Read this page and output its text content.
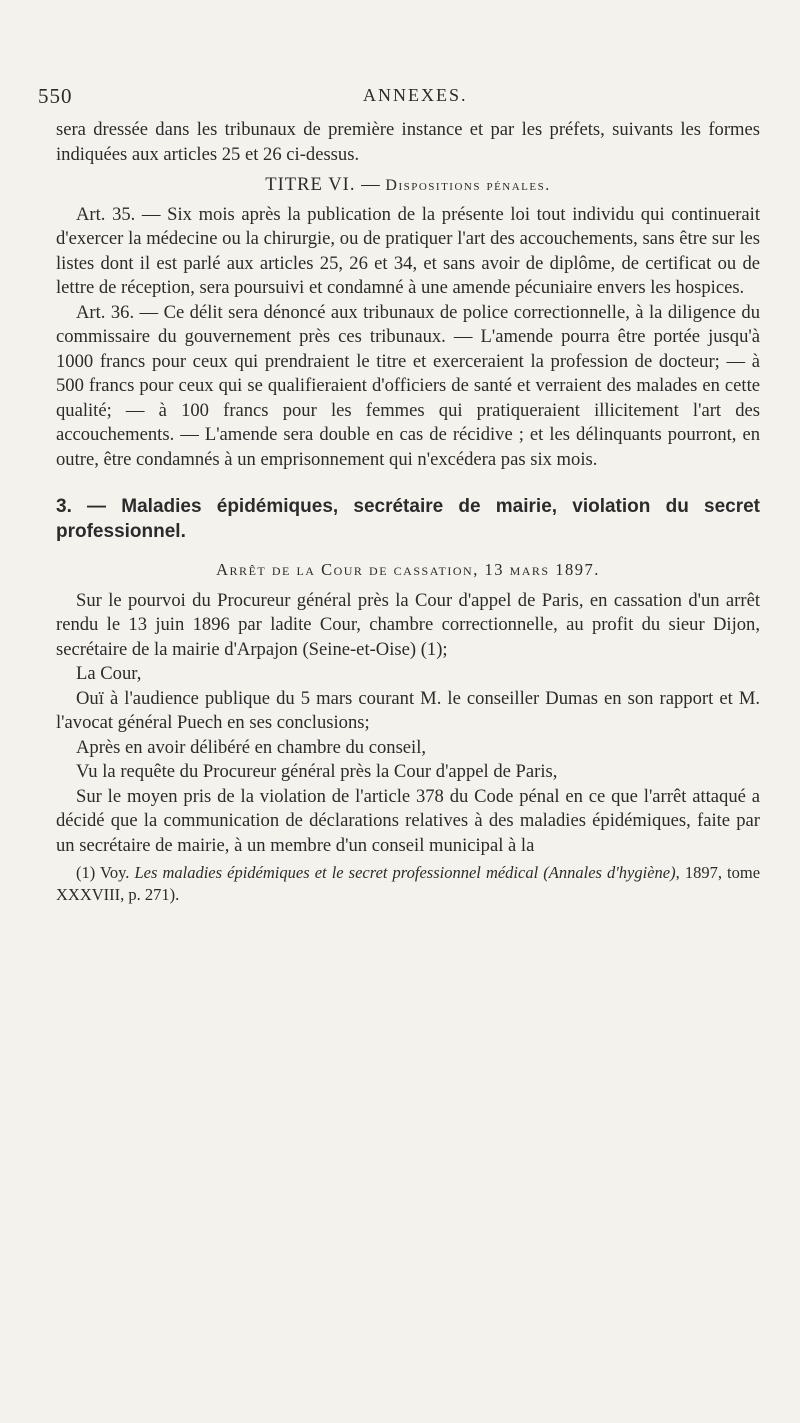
550	ANNEXES.

sera dressée dans les tribunaux de première instance et par les préfets, suivants les formes indiquées aux articles 25 et 26 ci-dessus.

TITRE VI. — Dispositions pénales.

Art. 35. — Six mois après la publication de la présente loi tout individu qui continuerait d'exercer la médecine ou la chirurgie, ou de pratiquer l'art des accouchements, sans être sur les listes dont il est parlé aux articles 25, 26 et 34, et sans avoir de diplôme, de certificat ou de lettre de réception, sera poursuivi et condamné à une amende pécuniaire envers les hospices.

Art. 36. — Ce délit sera dénoncé aux tribunaux de police correctionnelle, à la diligence du commissaire du gouvernement près ces tribunaux. — L'amende pourra être portée jusqu'à 1000 francs pour ceux qui prendraient le titre et exerceraient la profession de docteur; — à 500 francs pour ceux qui se qualifieraient d'officiers de santé et verraient des malades en cette qualité; — à 100 francs pour les femmes qui pratiqueraient illicitement l'art des accouchements. — L'amende sera double en cas de récidive ; et les délinquants pourront, en outre, être condamnés à un emprisonnement qui n'excédera pas six mois.

3. — Maladies épidémiques, secrétaire de mairie, violation du secret professionnel.

Arrêt de la Cour de cassation, 13 mars 1897.

Sur le pourvoi du Procureur général près la Cour d'appel de Paris, en cassation d'un arrêt rendu le 13 juin 1896 par ladite Cour, chambre correctionnelle, au profit du sieur Dijon, secrétaire de la mairie d'Arpajon (Seine-et-Oise) (1);

La Cour,

Ouï à l'audience publique du 5 mars courant M. le conseiller Dumas en son rapport et M. l'avocat général Puech en ses conclusions;

Après en avoir délibéré en chambre du conseil,

Vu la requête du Procureur général près la Cour d'appel de Paris,

Sur le moyen pris de la violation de l'article 378 du Code pénal en ce que l'arrêt attaqué a décidé que la communication de déclarations relatives à des maladies épidémiques, faite par un secrétaire de mairie, à un membre d'un conseil municipal à la

(1) Voy. Les maladies épidémiques et le secret professionnel médical (Annales d'hygiène), 1897, tome XXXVIII, p. 271).
